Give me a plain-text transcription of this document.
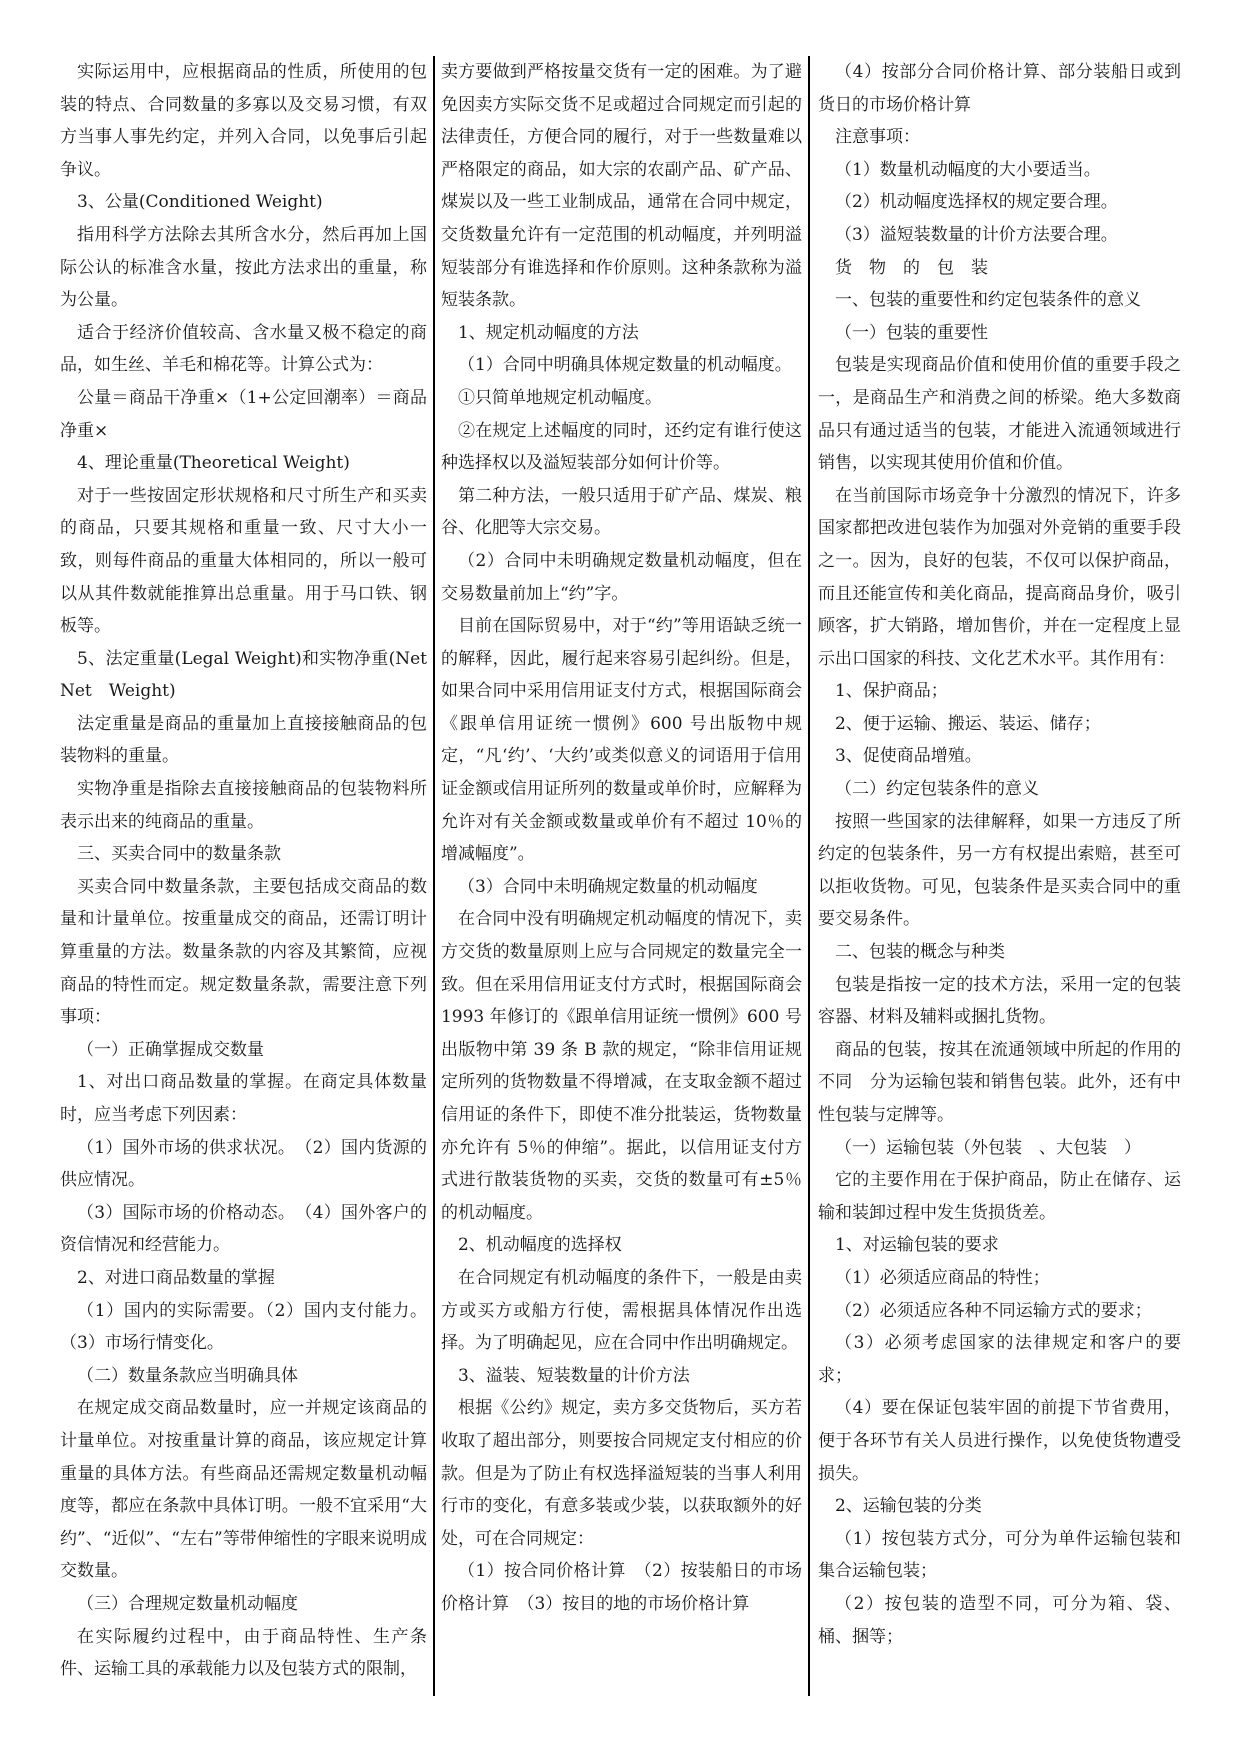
实际运用中，应根据商品的性质，所使用的包装的特点、合同数量的多寡以及交易习惯，有双方当事人事先约定，并列入合同，以免事后引起争议。

3、公量(Conditioned Weight)

指用科学方法除去其所含水分，然后再加上国际公认的标准含水量，按此方法求出的重量，称为公量。

适合于经济价值较高、含水量又极不稳定的商品，如生丝、羊毛和棉花等。计算公式为：

公量＝商品干净重×（1+公定回潮率）＝商品净重×

4、理论重量(Theoretical Weight)

对于一些按固定形状规格和尺寸所生产和买卖的商品，只要其规格和重量一致、尺寸大小一致，则每件商品的重量大体相同的，所以一般可以从其件数就能推算出总重量。用于马口铁、钢板等。

5、法定重量(Legal Weight)和实物净重(Net Net　Weight)

法定重量是商品的重量加上直接接触商品的包装物料的重量。

实物净重是指除去直接接触商品的包装物料所表示出来的纯商品的重量。

三、买卖合同中的数量条款

买卖合同中数量条款，主要包括成交商品的数量和计量单位。按重量成交的商品，还需订明计算重量的方法。数量条款的内容及其繁简，应视商品的特性而定。规定数量条款，需要注意下列事项：

（一）正确掌握成交数量

1、对出口商品数量的掌握。在商定具体数量时，应当考虑下列因素：

（1）国外市场的供求状况。　（2）国内货源的供应情况。

（3）国际市场的价格动态。　（4）国外客户的资信情况和经营能力。

2、对进口商品数量的掌握

（1）国内的实际需要。（2）国内支付能力。（3）市场行情变化。

（二）数量条款应当明确具体

在规定成交商品数量时，应一并规定该商品的计量单位。对按重量计算的商品，该应规定计算重量的具体方法。有些商品还需规定数量机动幅度等，都应在条款中具体订明。一般不宜采用“大约”、“近似”、“左右”等带伸缩性的字眼来说明成交数量。

（三）合理规定数量机动幅度

在实际履约过程中，由于商品特性、生产条件、运输工具的承载能力以及包装方式的限制，

卖方要做到严格按量交货有一定的困难。为了避免因卖方实际交货不足或超过合同规定而引起的法律责任，方便合同的履行，对于一些数量难以严格限定的商品，如大宗的农副产品、矿产品、煤炭以及一些工业制成品，通常在合同中规定，交货数量允许有一定范围的机动幅度，并列明溢短装部分有谁选择和作价原则。这种条款称为溢短装条款。

1、规定机动幅度的方法

（1）合同中明确具体规定数量的机动幅度。

①只简单地规定机动幅度。

②在规定上述幅度的同时，还约定有谁行使这种选择权以及溢短装部分如何计价等。

第二种方法，一般只适用于矿产品、煤炭、粮谷、化肥等大宗交易。

（2）合同中未明确规定数量机动幅度，但在交易数量前加上“约”字。

目前在国际贸易中，对于“约”等用语缺乏统一的解释，因此，履行起来容易引起纠纷。但是，如果合同中采用信用证支付方式，根据国际商会《跟单信用证统一惯例》600 号出版物中规定，“凡‘约’、‘大约’或类似意义的词语用于信用证金额或信用证所列的数量或单价时，应解释为允许对有关金额或数量或单价有不超过 10％的增减幅度”。

（3）合同中未明确规定数量的机动幅度

在合同中没有明确规定机动幅度的情况下，卖方交货的数量原则上应与合同规定的数量完全一致。但在采用信用证支付方式时，根据国际商会 1993 年修订的《跟单信用证统一惯例》600 号出版物中第 39 条 B 款的规定，“除非信用证规定所列的货物数量不得增减，在支取金额不超过信用证的条件下，即使不准分批装运，货物数量亦允许有 5％的伸缩”。据此，以信用证支付方式进行散装货物的买卖，交货的数量可有±5％的机动幅度。

2、机动幅度的选择权

在合同规定有机动幅度的条件下，一般是由卖方或买方或船方行使，需根据具体情况作出选择。为了明确起见，应在合同中作出明确规定。

3、溢装、短装数量的计价方法

根据《公约》规定，卖方多交货物后，买方若收取了超出部分，则要按合同规定支付相应的价款。但是为了防止有权选择溢短装的当事人利用行市的变化，有意多装或少装，以获取额外的好处，可在合同规定：

（1）按合同价格计算　（2）按装船日的市场价格计算　（3）按目的地的市场价格计算

（4）按部分合同价格计算、部分装船日或到货日的市场价格计算

注意事项：

（1）数量机动幅度的大小要适当。

（2）机动幅度选择权的规定要合理。

（3）溢短装数量的计价方法要合理。

货　物　的　包　装

一、包装的重要性和约定包装条件的意义

（一）包装的重要性

包装是实现商品价值和使用价值的重要手段之一，是商品生产和消费之间的桥梁。绝大多数商品只有通过适当的包装，才能进入流通领域进行销售，以实现其使用价值和价值。

在当前国际市场竞争十分激烈的情况下，许多国家都把改进包装作为加强对外竞销的重要手段之一。因为，良好的包装，不仅可以保护商品，而且还能宣传和美化商品，提高商品身价，吸引顾客，扩大销路，增加售价，并在一定程度上显示出口国家的科技、文化艺术水平。其作用有：

1、保护商品；

2、便于运输、搬运、装运、储存；

3、促使商品增殖。

（二）约定包装条件的意义

按照一些国家的法律解释，如果一方违反了所约定的包装条件，另一方有权提出索赔，甚至可以拒收货物。可见，包装条件是买卖合同中的重要交易条件。

二、包装的概念与种类

包装是指按一定的技术方法，采用一定的包装容器、材料及辅料或捆扎货物。

商品的包装，按其在流通领域中所起的作用的不同　分为运输包装和销售包装。此外，还有中性包装与定牌等。

（一）运输包装（外包装　、大包装　）

它的主要作用在于保护商品，防止在储存、运输和装卸过程中发生货损货差。

1、对运输包装的要求

（1）必须适应商品的特性；

（2）必须适应各种不同运输方式的要求；

（3）必须考虑国家的法律规定和客户的要求；

（4）要在保证包装牢固的前提下节省费用，便于各环节有关人员进行操作，以免使货物遭受损失。

2、运输包装的分类

（1）按包装方式分，可分为单件运输包装和集合运输包装；

（2）按包装的造型不同，可分为箱、袋、桶、捆等；
